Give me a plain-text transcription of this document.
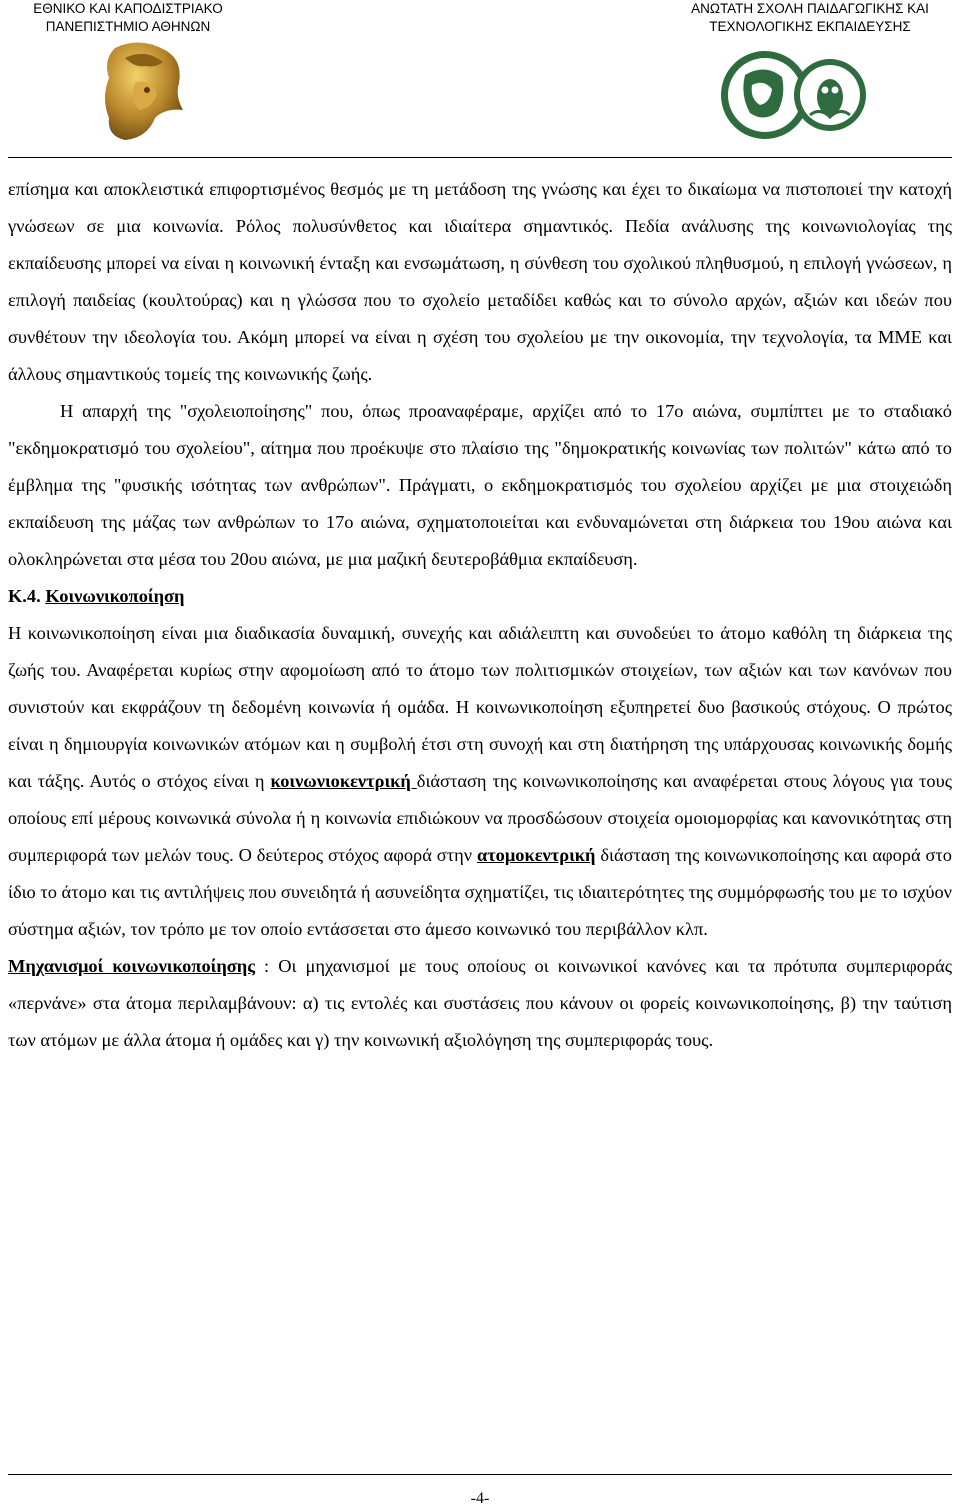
ΕΘΝΙΚΟ ΚΑΙ ΚΑΠΟΔΙΣΤΡΙΑΚΟ
ΠΑΝΕΠΙΣΤΗΜΙΟ ΑΘΗΝΩΝ
ΑΝΩΤΑΤΗ ΣΧΟΛΗ ΠΑΙΔΑΓΩΓΙΚΗΣ ΚΑΙ
ΤΕΧΝΟΛΟΓΙΚΗΣ ΕΚΠΑΙΔΕΥΣΗΣ

επίσημα και αποκλειστικά επιφορτισμένος θεσμός με τη μετάδοση της γνώσης και έχει το δικαίωμα να πιστοποιεί την κατοχή γνώσεων σε μια κοινωνία. Ρόλος πολυσύνθετος και ιδιαίτερα σημαντικός. Πεδία ανάλυσης της κοινωνιολογίας της εκπαίδευσης μπορεί να είναι η κοινωνική ένταξη και ενσωμάτωση, η σύνθεση του σχολικού πληθυσμού, η επιλογή γνώσεων, η επιλογή παιδείας (κουλτούρας) και η γλώσσα που το σχολείο μεταδίδει καθώς και το σύνολο αρχών, αξιών και ιδεών που συνθέτουν την ιδεολογία του. Ακόμη μπορεί να είναι η σχέση του σχολείου με την οικονομία, την τεχνολογία, τα ΜΜΕ και άλλους σημαντικούς τομείς της κοινωνικής ζωής.

Η απαρχή της "σχολειοποίησης" που, όπως προαναφέραμε, αρχίζει από το 17ο αιώνα, συμπίπτει με το σταδιακό "εκδημοκρατισμό του σχολείου", αίτημα που προέκυψε στο πλαίσιο της "δημοκρατικής κοινωνίας των πολιτών" κάτω από το έμβλημα της "φυσικής ισότητας των ανθρώπων". Πράγματι, ο εκδημοκρατισμός του σχολείου αρχίζει με μια στοιχειώδη εκπαίδευση της μάζας των ανθρώπων το 17ο αιώνα, σχηματοποιείται και ενδυναμώνεται στη διάρκεια του 19ου αιώνα και ολοκληρώνεται στα μέσα του 20ου αιώνα, με μια μαζική δευτεροβάθμια εκπαίδευση.

Κ.4. Κοινωνικοποίηση

Η κοινωνικοποίηση είναι μια διαδικασία δυναμική, συνεχής και αδιάλειπτη και συνοδεύει το άτομο καθόλη τη διάρκεια της ζωής του. Αναφέρεται κυρίως στην αφομοίωση από το άτομο των πολιτισμικών στοιχείων, των αξιών και των κανόνων που συνιστούν και εκφράζουν τη δεδομένη κοινωνία ή ομάδα. Η κοινωνικοποίηση εξυπηρετεί δυο βασικούς στόχους. Ο πρώτος είναι η δημιουργία κοινωνικών ατόμων και η συμβολή έτσι στη συνοχή και στη διατήρηση της υπάρχουσας κοινωνικής δομής και τάξης. Αυτός ο στόχος είναι η κοινωνιοκεντρική διάσταση της κοινωνικοποίησης και αναφέρεται στους λόγους για τους οποίους επί μέρους κοινωνικά σύνολα ή η κοινωνία επιδιώκουν να προσδώσουν στοιχεία ομοιομορφίας και κανονικότητας στη συμπεριφορά των μελών τους. Ο δεύτερος στόχος αφορά στην ατομοκεντρική διάσταση της κοινωνικοποίησης και αφορά στο ίδιο το άτομο και τις αντιλήψεις που συνειδητά ή ασυνείδητα σχηματίζει, τις ιδιαιτερότητες της συμμόρφωσής του με το ισχύον σύστημα αξιών, τον τρόπο με τον οποίο εντάσσεται στο άμεσο κοινωνικό του περιβάλλον κλπ.

Μηχανισμοί κοινωνικοποίησης : Οι μηχανισμοί με τους οποίους οι κοινωνικοί κανόνες και τα πρότυπα συμπεριφοράς «περνάνε» στα άτομα περιλαμβάνουν: α) τις εντολές και συστάσεις που κάνουν οι φορείς κοινωνικοποίησης, β) την ταύτιση των ατόμων με άλλα άτομα ή ομάδες και γ) την κοινωνική αξιολόγηση της συμπεριφοράς τους.

-4-
